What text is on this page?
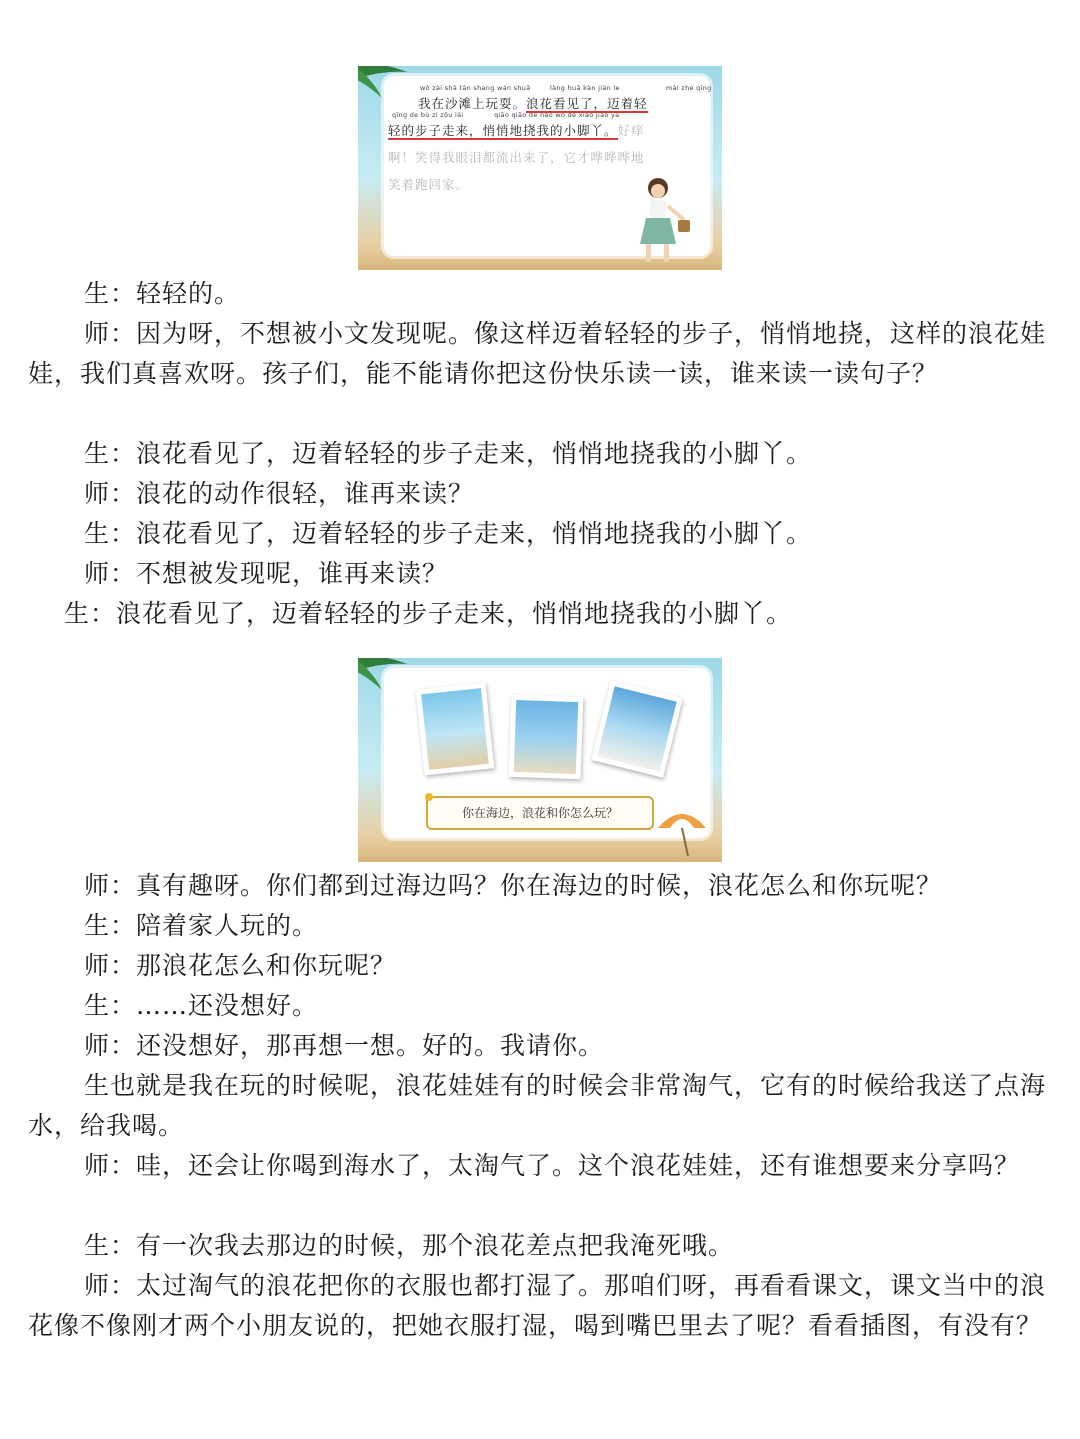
wǒ zài shā tān shang wán shuǎ	làng huā kàn jiàn le	mài zhe qīng
qīng de bù zi zǒu lái	qiāo qiāo de náo wǒ de xiǎo jiǎo yā
我在沙滩上玩耍。浪花看见了，迈着轻
轻的步子走来，悄悄地挠我的小脚丫。好痒
啊！笑得我眼泪都流出来了，它才哗哗哗地
笑着跑回家。
生：轻轻的。
师：因为呀，不想被小文发现呢。像这样迈着轻轻的步子，悄悄地挠，这样的浪花娃娃，我们真喜欢呀。孩子们，能不能请你把这份快乐读一读，谁来读一读句子？
生：浪花看见了，迈着轻轻的步子走来，悄悄地挠我的小脚丫。
师：浪花的动作很轻，谁再来读？
生：浪花看见了，迈着轻轻的步子走来，悄悄地挠我的小脚丫。
师：不想被发现呢，谁再来读？
生：浪花看见了，迈着轻轻的步子走来，悄悄地挠我的小脚丫。
你在海边，浪花和你怎么玩？
师：真有趣呀。你们都到过海边吗？你在海边的时候，浪花怎么和你玩呢？
生：陪着家人玩的。
师：那浪花怎么和你玩呢？
生：……还没想好。
师：还没想好，那再想一想。好的。我请你。
生也就是我在玩的时候呢，浪花娃娃有的时候会非常淘气，它有的时候给我送了点海水，给我喝。
师：哇，还会让你喝到海水了，太淘气了。这个浪花娃娃，还有谁想要来分享吗？
生：有一次我去那边的时候，那个浪花差点把我淹死哦。
师：太过淘气的浪花把你的衣服也都打湿了。那咱们呀，再看看课文，课文当中的浪花像不像刚才两个小朋友说的，把她衣服打湿，喝到嘴巴里去了呢？看看插图，有没有？
